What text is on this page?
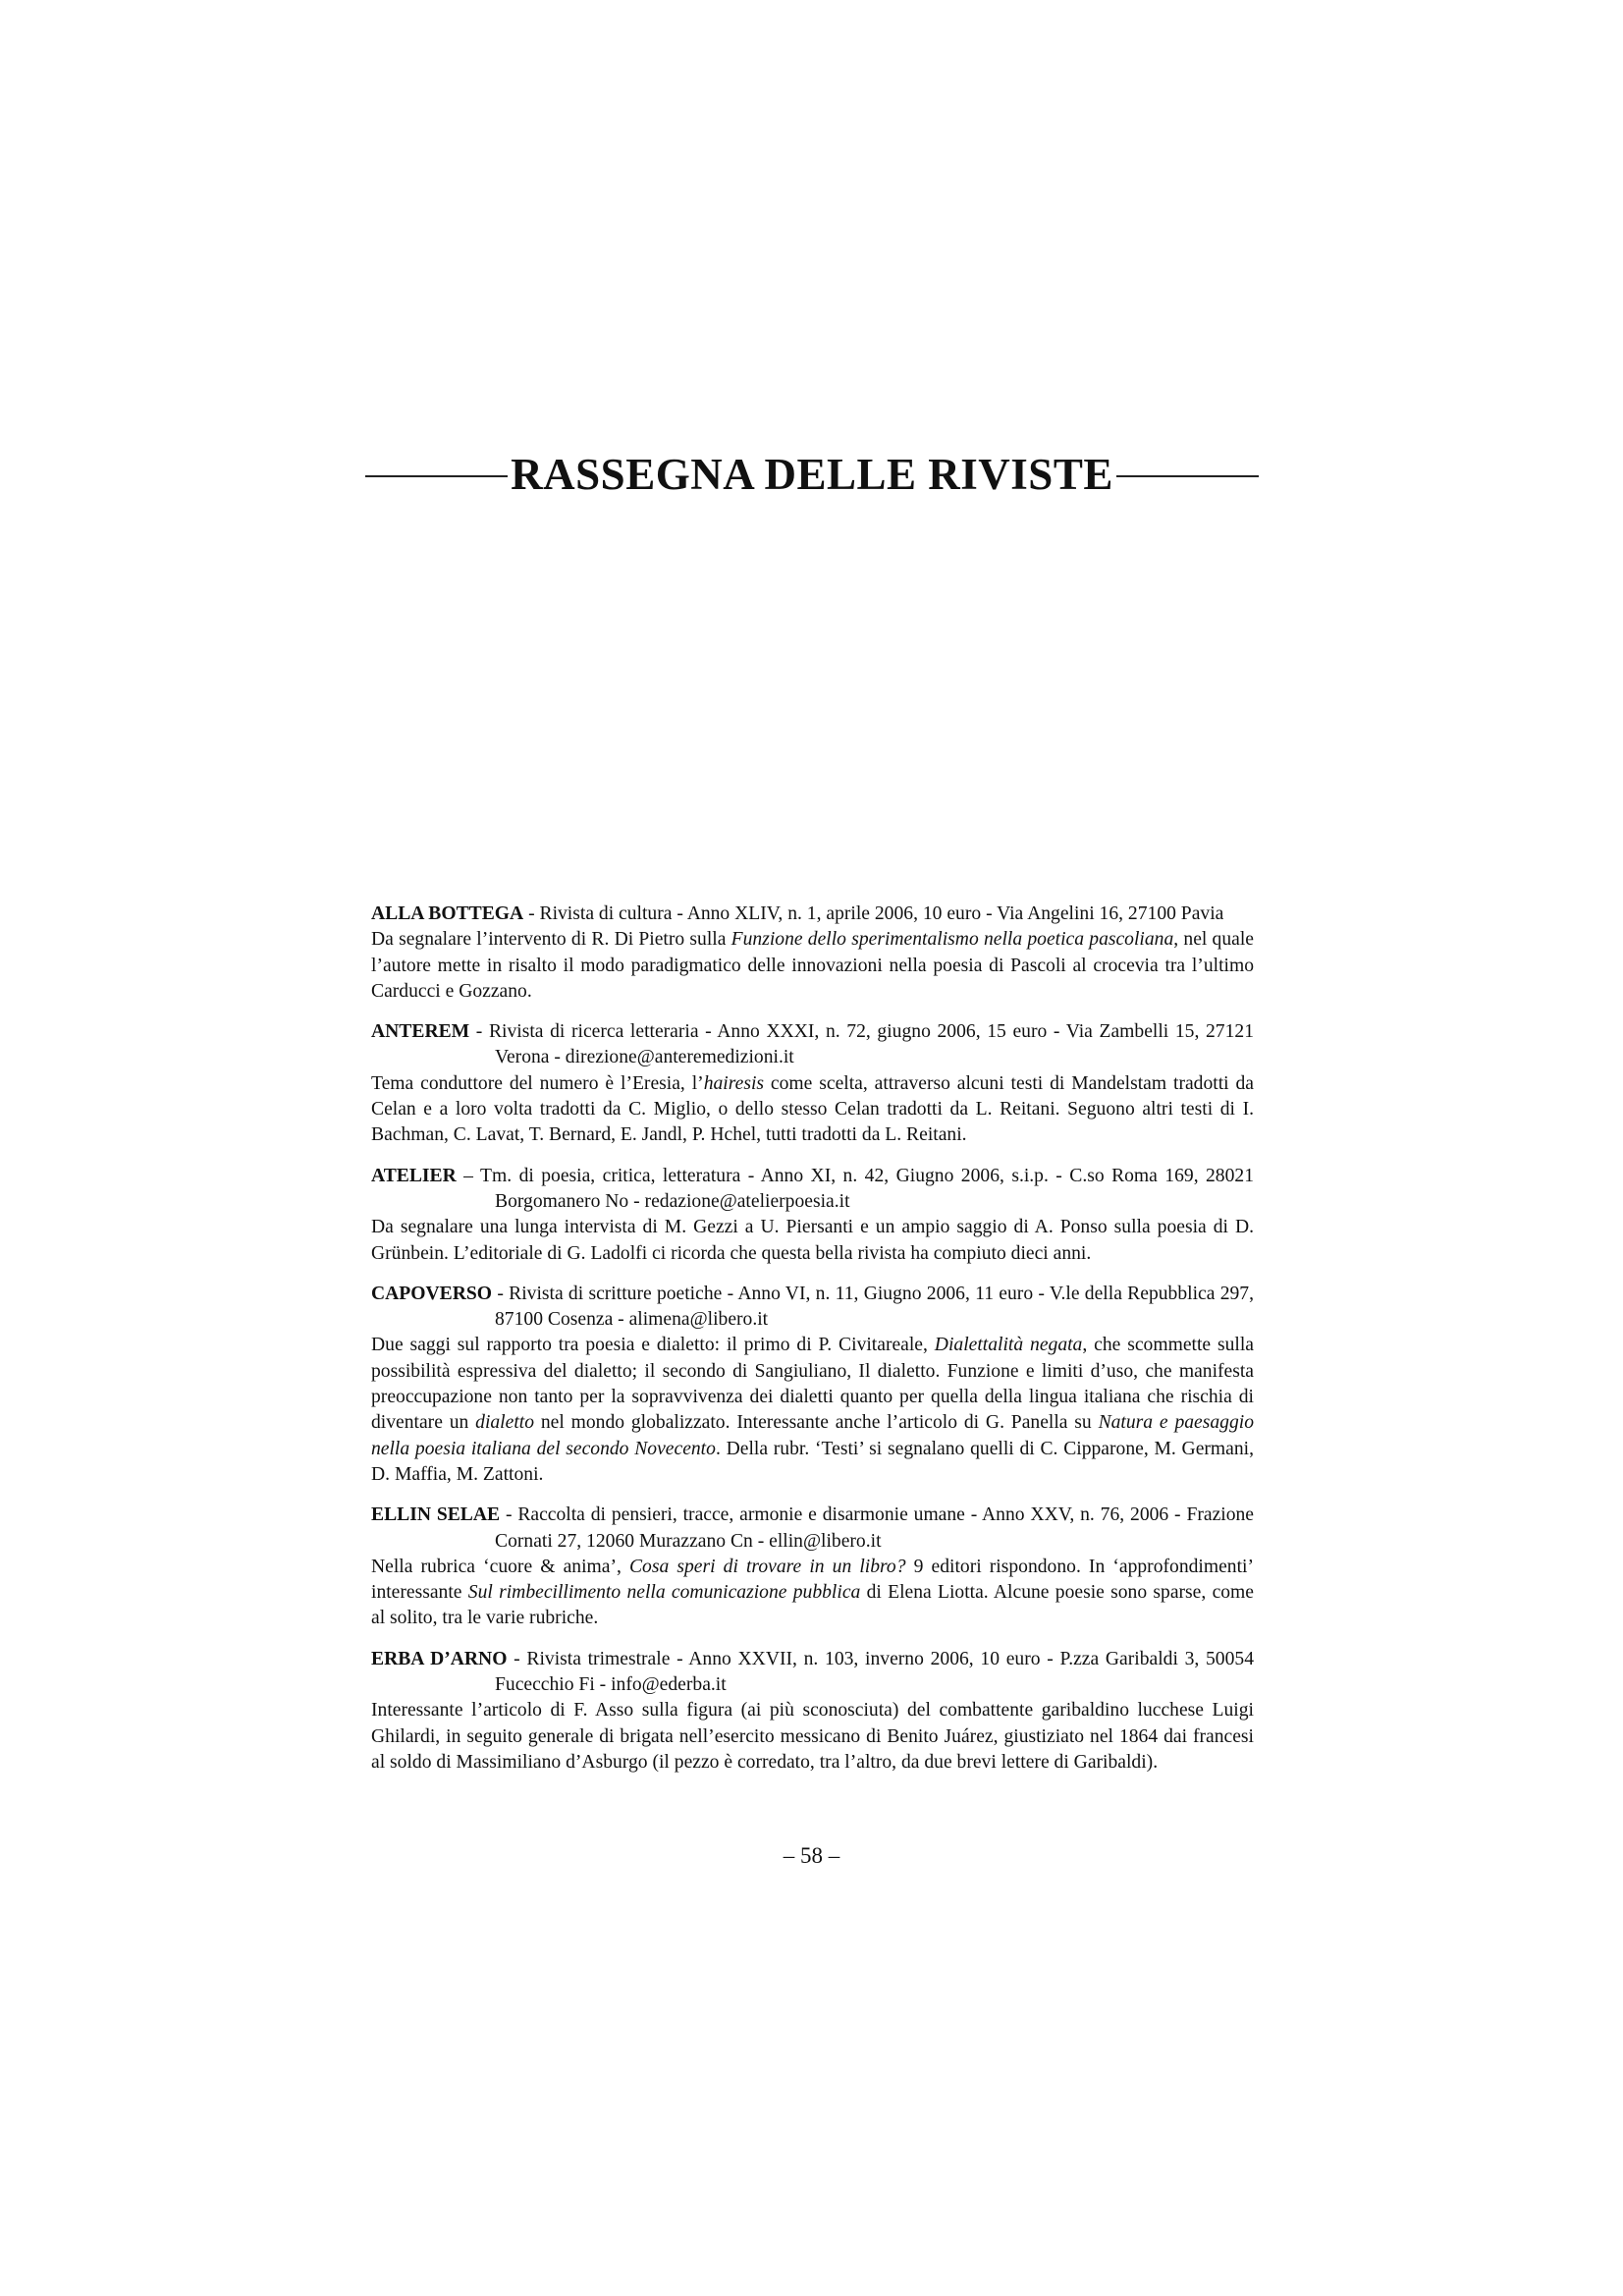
RASSEGNA DELLE RIVISTE

ALLA BOTTEGA - Rivista di cultura - Anno XLIV, n. 1, aprile 2006, 10 euro - Via Angelini 16, 27100 Pavia

Da segnalare l’intervento di R. Di Pietro sulla Funzione dello sperimentalismo nella poetica pascoliana, nel quale l’autore mette in risalto il modo paradigmatico delle innovazioni nella poesia di Pascoli al crocevia tra l’ultimo Carducci e Gozzano.

ANTEREM - Rivista di ricerca letteraria - Anno XXXI, n. 72, giugno 2006, 15 euro - Via Zambelli 15, 27121 Verona - direzione@anteremedizioni.it

Tema conduttore del numero è l’Eresia, l’hairesis come scelta, attraverso alcuni testi di Mandelstam tradotti da Celan e a loro volta tradotti da C. Miglio, o dello stesso Celan tradotti da L. Reitani. Seguono altri testi di I. Bachman, C. Lavat, T. Bernard, E. Jandl, P. Hchel, tutti tradotti da L. Reitani.

ATELIER – Tm. di poesia, critica, letteratura - Anno XI, n. 42, Giugno 2006, s.i.p. - C.so Roma 169, 28021 Borgomanero No - redazione@atelierpoesia.it

Da segnalare una lunga intervista di M. Gezzi a U. Piersanti e un ampio saggio di A. Ponso sulla poesia di D. Grünbein. L’editoriale di G. Ladolfi ci ricorda che questa bella rivista ha compiuto dieci anni.

CAPOVERSO - Rivista di scritture poetiche - Anno VI, n. 11, Giugno 2006, 11 euro - V.le della Repubblica 297, 87100 Cosenza - alimena@libero.it

Due saggi sul rapporto tra poesia e dialetto: il primo di P. Civitareale, Dialettalità negata, che scommette sulla possibilità espressiva del dialetto; il secondo di Sangiuliano, Il dialetto. Funzione e limiti d’uso, che manifesta preoccupazione non tanto per la sopravvivenza dei dialetti quanto per quella della lingua italiana che rischia di diventare un dialetto nel mondo globalizzato. Interessante anche l’articolo di G. Panella su Natura e paesaggio nella poesia italiana del secondo Novecento. Della rubr. ‘Testi’ si segnalano quelli di C. Cipparone, M. Germani, D. Maffia, M. Zattoni.

ELLIN SELAE - Raccolta di pensieri, tracce, armonie e disarmonie umane - Anno XXV, n. 76, 2006 - Frazione Cornati 27, 12060 Murazzano Cn - ellin@libero.it

Nella rubrica ‘cuore & anima’, Cosa speri di trovare in un libro? 9 editori rispondono. In ‘approfondimenti’ interessante Sul rimbecillimento nella comunicazione pubblica di Elena Liotta. Alcune poesie sono sparse, come al solito, tra le varie rubriche.

ERBA D’ARNO - Rivista trimestrale - Anno XXVII, n. 103, inverno 2006, 10 euro - P.zza Garibaldi 3, 50054 Fucecchio Fi - info@ederba.it

Interessante l’articolo di F. Asso sulla figura (ai più sconosciuta) del combattente garibaldino lucchese Luigi Ghilardi, in seguito generale di brigata nell’esercito messicano di Benito Juárez, giustiziato nel 1864 dai francesi al soldo di Massimiliano d’Asburgo (il pezzo è corredato, tra l’altro, da due brevi lettere di Garibaldi).

– 58 –
